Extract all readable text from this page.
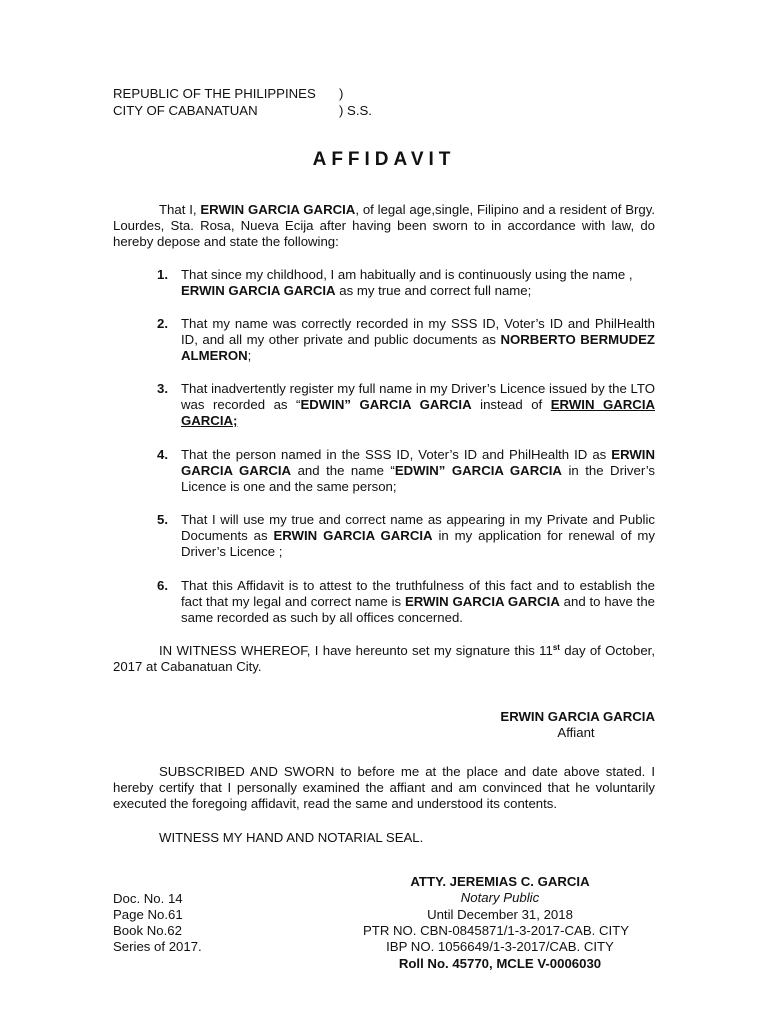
REPUBLIC OF THE PHILIPPINES )
CITY OF CABANATUAN	) S.S.
AFFIDAVIT
That I, ERWIN GARCIA GARCIA, of legal age,single, Filipino and a resident of Brgy. Lourdes, Sta. Rosa, Nueva Ecija after having been sworn to in accordance with law, do hereby depose and state the following:
1. That since my childhood, I am habitually and is continuously using the name ,
ERWIN GARCIA GARCIA as my true and correct full name;
2. That my name was correctly recorded in my SSS ID, Voter’s ID and PhilHealth ID, and all my other private and public documents as NORBERTO BERMUDEZ ALMERON;
3. That inadvertently register my full name in my Driver’s Licence issued by the LTO was recorded as “EDWIN” GARCIA GARCIA instead of ERWIN GARCIA GARCIA;
4. That the person named in the SSS ID, Voter’s ID and PhilHealth ID as ERWIN GARCIA GARCIA and the name “EDWIN” GARCIA GARCIA in the Driver’s Licence is one and the same person;
5. That I will use my true and correct name as appearing in my Private and Public Documents as ERWIN GARCIA GARCIA in my application for renewal of my Driver’s Licence ;
6. That this Affidavit is to attest to the truthfulness of this fact and to establish the fact that my legal and correct name is ERWIN GARCIA GARCIA and to have the same recorded as such by all offices concerned.
IN WITNESS WHEREOF, I have hereunto set my signature this 11st day of October, 2017 at Cabanatuan City.
ERWIN GARCIA GARCIA
Affiant
SUBSCRIBED AND SWORN to before me at the place and date above stated. I hereby certify that I personally examined the affiant and am convinced that he voluntarily executed the foregoing affidavit, read the same and understood its contents.
WITNESS MY HAND AND NOTARIAL SEAL.
ATTY. JEREMIAS C. GARCIA
Notary Public
Until December 31, 2018
PTR NO. CBN-0845871/1-3-2017-CAB. CITY
IBP NO. 1056649/1-3-2017/CAB. CITY
Roll No. 45770, MCLE V-0006030
Doc. No. 14
Page No.61
Book No.62
Series of 2017.
